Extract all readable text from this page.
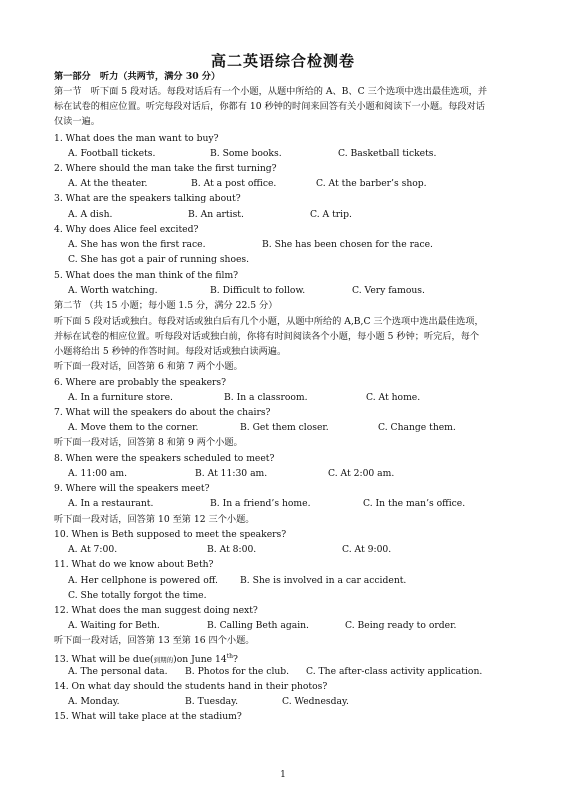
高二英语综合检测卷
第一部分　听力（共两节，满分 30 分）
第一节　听下面 5 段对话。每段对话后有一个小题，从题中所给的 A、B、C 三个选项中选出最佳选项，并
标在试卷的相应位置。听完每段对话后，你都有 10 秒钟的时间来回答有关小题和阅读下一小题。每段对话
仅读一遍。
1. What does the man want to buy?
A. Football tickets.	B. Some books.	C. Basketball tickets.
2. Where should the man take the first turning?
A. At the theater.	B. At a post office.	C. At the barber’s shop.
3. What are the speakers talking about?
A. A dish.	B. An artist.	C. A trip.
4. Why does Alice feel excited?
A. She has won the first race.	B. She has been chosen for the race.
C. She has got a pair of running shoes.
5. What does the man think of the film?
A. Worth watching.	B. Difficult to follow.	C. Very famous.
第二节 （共 15 小题；每小题 1.5 分，满分 22.5 分）
听下面 5 段对话或独白。每段对话或独白后有几个小题，从题中所给的 A,B,C 三个选项中选出最佳选项，
并标在试卷的相应位置。听每段对话或独白前，你将有时间阅读各个小题，每小题 5 秒钟；听完后，每个
小题将给出 5 秒钟的作答时间。每段对话或独白读两遍。
听下面一段对话，回答第 6 和第 7 两个小题。
6. Where are probably the speakers?
A. In a furniture store.	B. In a classroom.	C. At home.
7. What will the speakers do about the chairs?
A. Move them to the corner.	B. Get them closer.	C. Change them.
听下面一段对话，回答第 8 和第 9 两个小题。
8. When were the speakers scheduled to meet?
A. 11:00 am.	B. At 11:30 am.	C. At 2:00 am.
9. Where will the speakers meet?
A. In a restaurant.	B. In a friend’s home.	C. In the man’s office.
听下面一段对话，回答第 10 至第 12 三个小题。
10. When is Beth supposed to meet the speakers?
A. At 7:00.	B. At 8:00.	C. At 9:00.
11. What do we know about Beth?
A. Her cellphone is powered off. B. She is involved in a car accident.
C. She totally forgot the time.
12. What does the man suggest doing next?
A. Waiting for Beth.	B. Calling Beth again.	C. Being ready to order.
听下面一段对话，回答第 13 至第 16 四个小题。
13. What will be due(到期的)on June 14th?
A. The personal data. B. Photos for the club. C. The after-class activity application.
14. On what day should the students hand in their photos?
A. Monday.	B. Tuesday.	C. Wednesday.
15. What will take place at the stadium?
1
